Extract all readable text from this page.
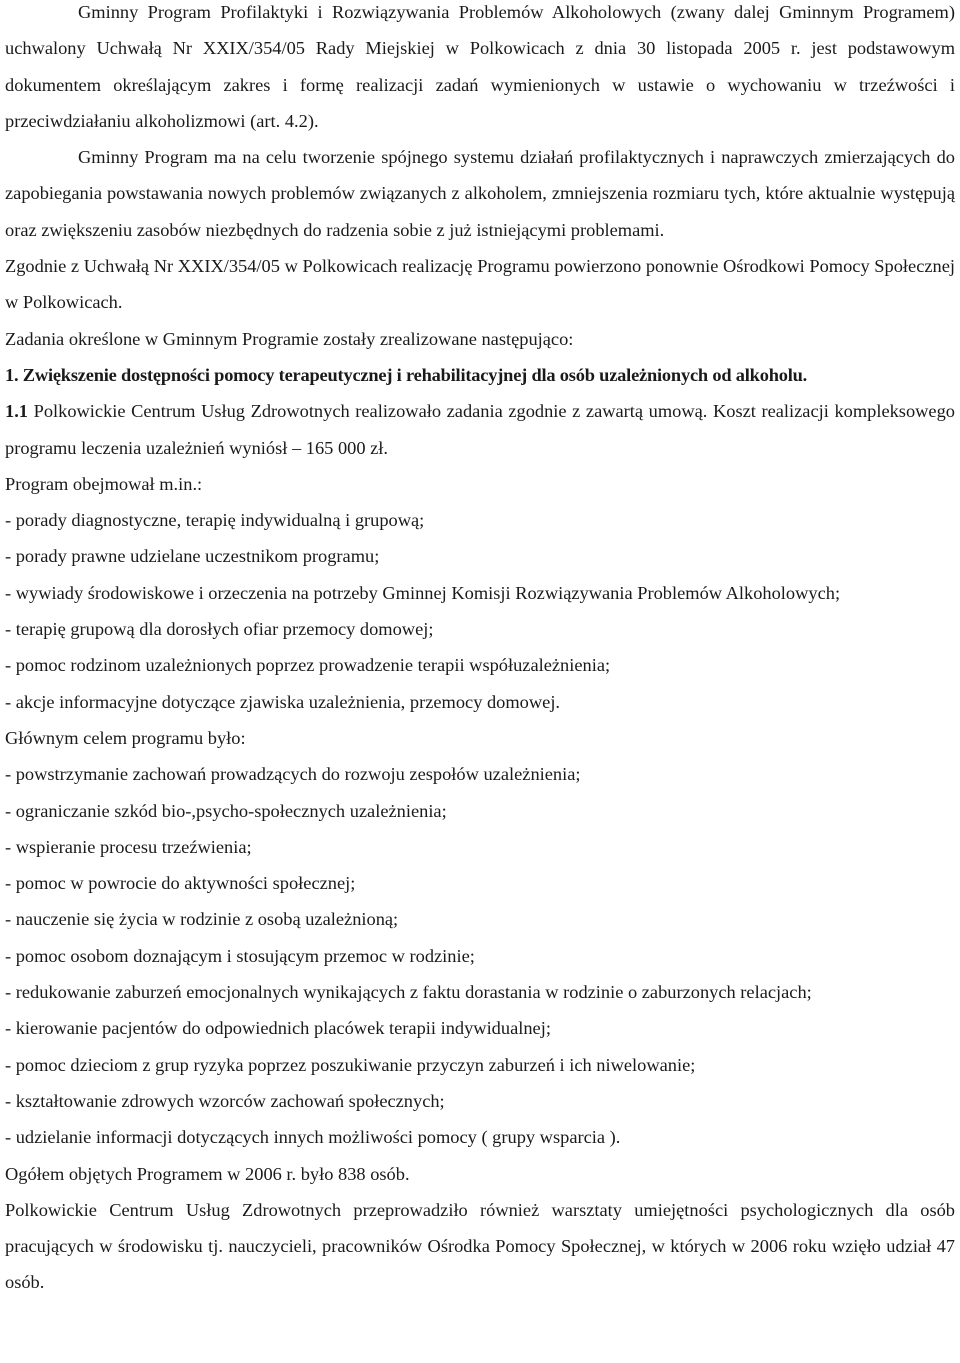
Gminny Program Profilaktyki i Rozwiązywania Problemów Alkoholowych (zwany dalej Gminnym Programem) uchwalony Uchwałą Nr XXIX/354/05 Rady Miejskiej w Polkowicach z dnia 30 listopada 2005 r. jest podstawowym dokumentem określającym zakres i formę realizacji zadań wymienionych w ustawie o wychowaniu w trzeźwości i przeciwdziałaniu alkoholizmowi (art. 4.2).

Gminny Program ma na celu tworzenie spójnego systemu działań profilaktycznych i naprawczych zmierzających do zapobiegania powstawania nowych problemów związanych z alkoholem, zmniejszenia rozmiaru tych, które aktualnie występują oraz zwiększeniu zasobów niezbędnych do radzenia sobie z już istniejącymi problemami.

Zgodnie z Uchwałą Nr XXIX/354/05 w Polkowicach realizację Programu powierzono ponownie Ośrodkowi Pomocy Społecznej w Polkowicach.

Zadania określone w Gminnym Programie zostały zrealizowane następująco:

1. Zwiększenie dostępności pomocy terapeutycznej i rehabilitacyjnej dla osób uzależnionych od alkoholu.

1.1 Polkowickie Centrum Usług Zdrowotnych realizowało zadania zgodnie z zawartą umową. Koszt realizacji kompleksowego programu leczenia uzależnień wyniósł – 165 000 zł.

Program obejmował m.in.:

- porady diagnostyczne, terapię indywidualną i grupową;
- porady prawne udzielane uczestnikom programu;
- wywiady środowiskowe i orzeczenia na potrzeby Gminnej Komisji Rozwiązywania Problemów Alkoholowych;
- terapię grupową dla dorosłych ofiar przemocy domowej;
- pomoc rodzinom uzależnionych poprzez prowadzenie terapii współuzależnienia;
- akcje informacyjne dotyczące zjawiska uzależnienia, przemocy domowej.

Głównym celem programu było:

- powstrzymanie zachowań prowadzących do rozwoju zespołów uzależnienia;
- ograniczanie szkód bio-,psycho-społecznych uzależnienia;
- wspieranie procesu trzeźwienia;
- pomoc w powrocie do aktywności społecznej;
- nauczenie się życia w rodzinie z osobą uzależnioną;
- pomoc osobom doznającym i stosującym przemoc w rodzinie;
- redukowanie zaburzeń emocjonalnych wynikających z faktu dorastania w rodzinie o zaburzonych relacjach;
- kierowanie pacjentów do odpowiednich placówek terapii indywidualnej;
- pomoc dzieciom z grup ryzyka poprzez poszukiwanie przyczyn zaburzeń i ich niwelowanie;
- kształtowanie zdrowych wzorców zachowań społecznych;
- udzielanie informacji dotyczących innych możliwości pomocy ( grupy wsparcia ).

Ogółem objętych Programem w 2006 r. było 838 osób.

Polkowickie Centrum Usług Zdrowotnych przeprowadziło również warsztaty umiejętności psychologicznych dla osób pracujących w środowisku tj. nauczycieli, pracowników Ośrodka Pomocy Społecznej, w których w 2006 roku wzięło udział 47 osób.
